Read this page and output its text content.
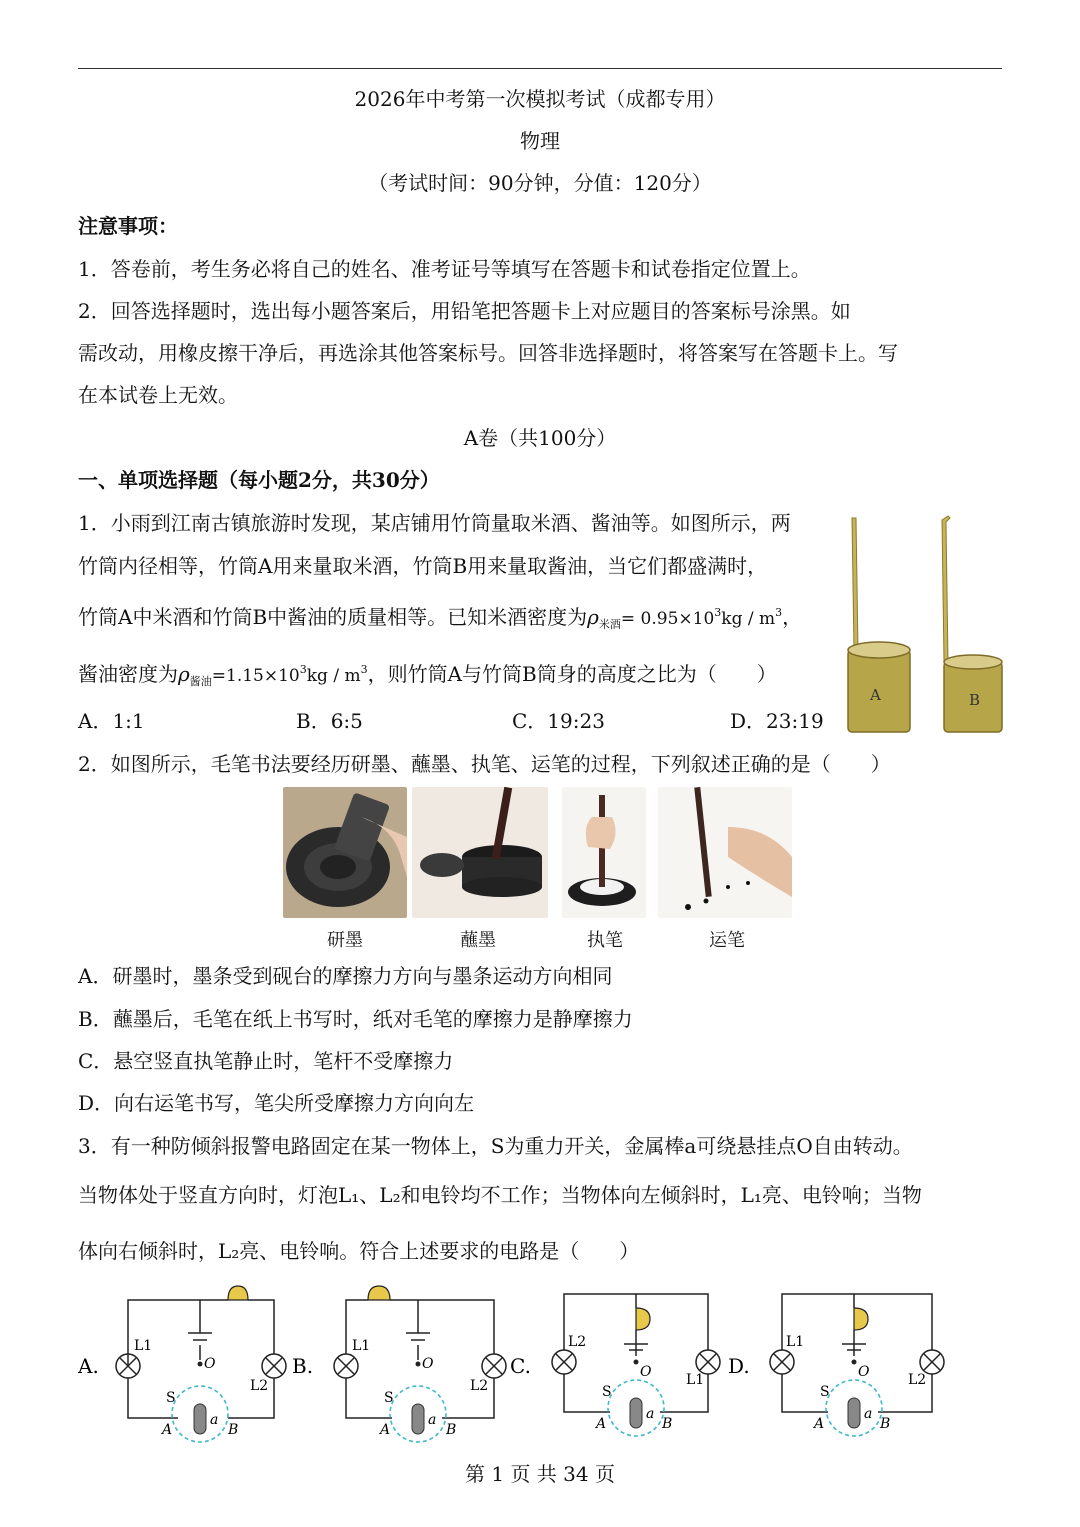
2026年中考第一次模拟考试（成都专用）
物理
（考试时间：90分钟，分值：120分）
注意事项：
1．答卷前，考生务必将自己的姓名、准考证号等填写在答题卡和试卷指定位置上。
2．回答选择题时，选出每小题答案后，用铅笔把答题卡上对应题目的答案标号涂黑。如
需改动，用橡皮擦干净后，再选涂其他答案标号。回答非选择题时，将答案写在答题卡上。写
在本试卷上无效。
A卷（共100分）
一、单项选择题（每小题2分，共30分）
1．小雨到江南古镇旅游时发现，某店铺用竹筒量取米酒、酱油等。如图所示，两
竹筒内径相等，竹筒A用来量取米酒，竹筒B用来量取酱油，当它们都盛满时，
竹筒A中米酒和竹筒B中酱油的质量相等。已知米酒密度为$\rho_{米酒}= 0.95\times 10^3kg / m^3$，
酱油密度为$\rho_{酱油}=1.15\times 10^3kg / m^3$，则竹筒A与竹筒B筒身的高度之比为（　　）
A．1:1	B．6:5	C．19:23	D．23:19
A	B
2．如图所示，毛笔书法要经历研墨、蘸墨、执笔、运笔的过程，下列叙述正确的是（　　）
研墨	蘸墨	执笔	运笔
A．研墨时，墨条受到砚台的摩擦力方向与墨条运动方向相同
B．蘸墨后，毛笔在纸上书写时，纸对毛笔的摩擦力是静摩擦力
C．悬空竖直执笔静止时，笔杆不受摩擦力
D．向右运笔书写，笔尖所受摩擦力方向向左
3．有一种防倾斜报警电路固定在某一物体上，S为重力开关，金属棒a可绕悬挂点O自由转动。
当物体处于竖直方向时，灯泡L₁、L₂和电铃均不工作；当物体向左倾斜时，L₁亮、电铃响；当物
体向右倾斜时，L₂亮、电铃响。符合上述要求的电路是（　　）
A.
L1
L2
O
S
a
A	B
B.
L1
L2
O
S
a
A	B
C.
L2
L1
O
S
a
A	B
D.
L1
L2
O
S
a
A	B
第 1 页 共 34 页
